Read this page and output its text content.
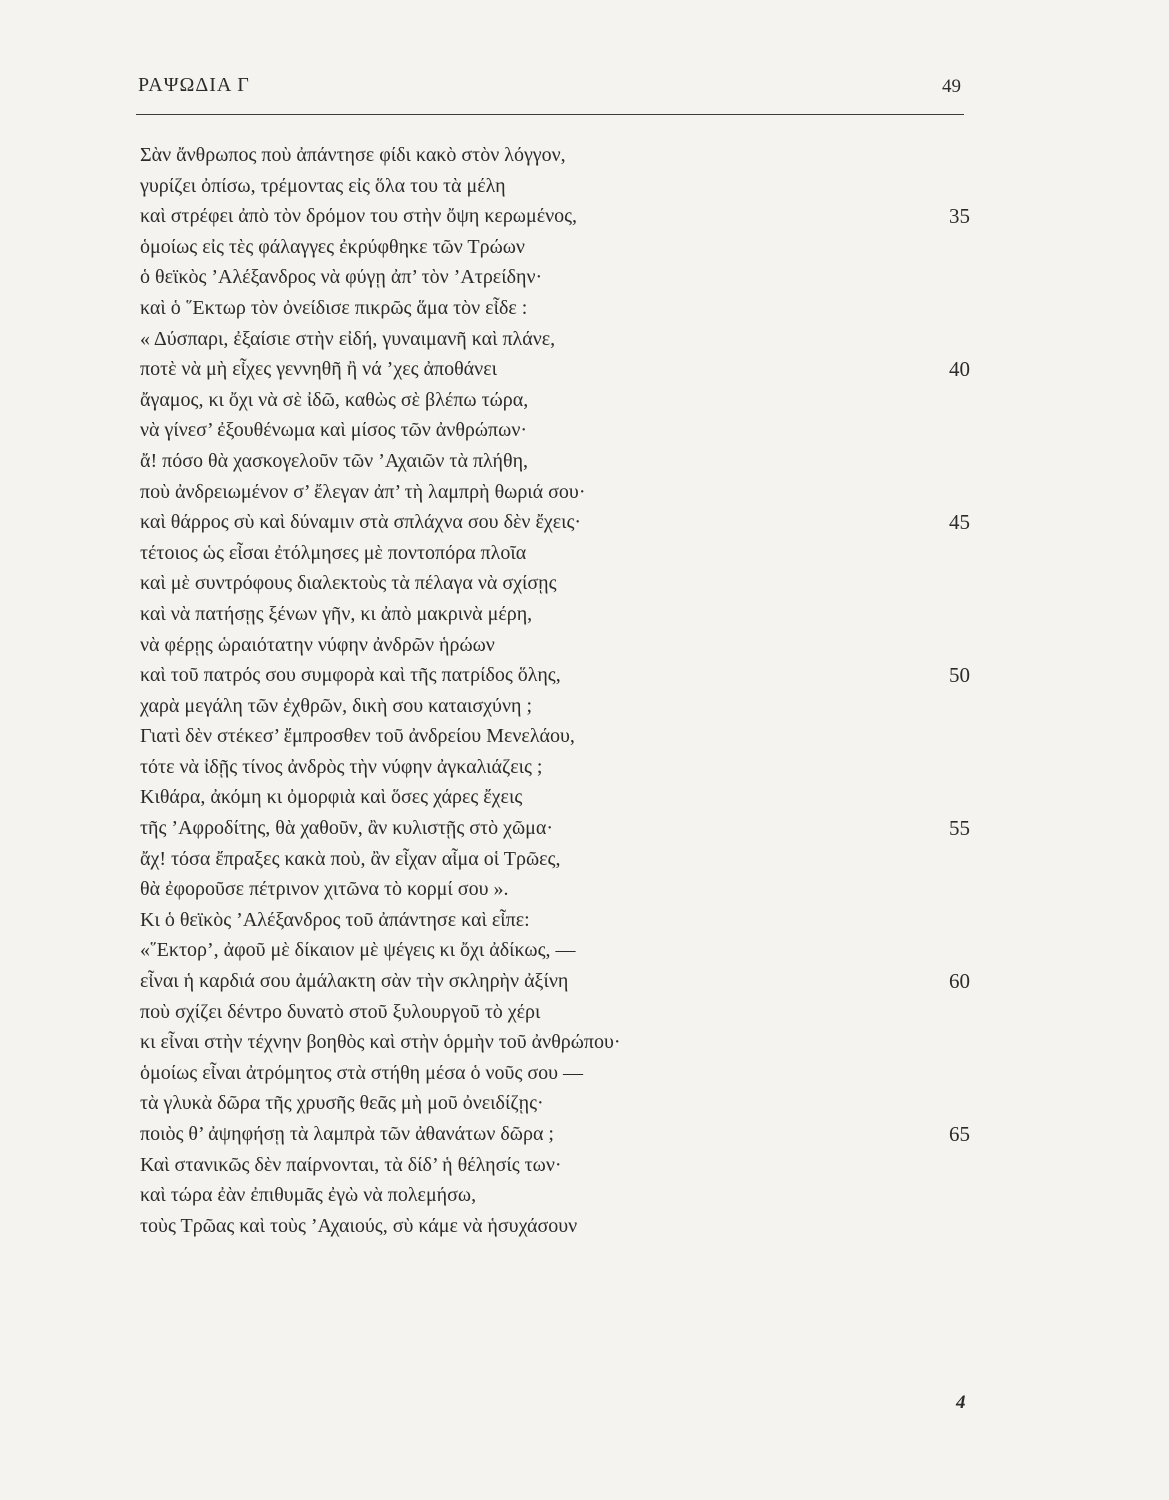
ΡΑΨΩΔΙΑ Γ	49
Σὰν ἄνθρωπος ποὺ ἀπάντησε φίδι κακὸ στὸν λόγγον,
γυρίζει ὀπίσω, τρέμοντας εἰς ὅλα του τὰ μέλη
καὶ στρέφει ἀπὸ τὸν δρόμον του στὴν ὄψη κερωμένος,	35
ὁμοίως εἰς τὲς φάλαγγες ἐκρύφθηκε τῶν Τρώων
ὁ θεϊκὸς ’Αλέξανδρος νὰ φύγῃ ἀπ’ τὸν ’Ατρείδην·
καὶ ὁ ῞Εκτωρ τὸν ὀνείδισε πικρῶς ἅμα τὸν εἶδε :
« Δύσπαρι, ἐξαίσιε στὴν εἰδή, γυναιμανῆ καὶ πλάνε,
ποτὲ νὰ μὴ εἶχες γεννηθῆ ἢ νά ’χες ἀποθάνει	40
ἄγαμος, κι ὄχι νὰ σὲ ἰδῶ, καθὼς σὲ βλέπω τώρα,
νὰ γίνεσ’ ἐξουθένωμα καὶ μίσος τῶν ἀνθρώπων·
ἄ! πόσο θὰ χασκογελοῦν τῶν ’Αχαιῶν τὰ πλήθη,
ποὺ ἀνδρειωμένον σ’ ἔλεγαν ἀπ’ τὴ λαμπρὴ θωριά σου·
καὶ θάρρος σὺ καὶ δύναμιν στὰ σπλάχνα σου δὲν ἔχεις·	45
τέτοιος ὡς εἶσαι ἐτόλμησες μὲ ποντοπόρα πλοῖα
καὶ μὲ συντρόφους διαλεκτοὺς τὰ πέλαγα νὰ σχίσῃς
καὶ νὰ πατήσῃς ξένων γῆν, κι ἀπὸ μακρινὰ μέρη,
νὰ φέρῃς ὡραιότατην νύφην ἀνδρῶν ἡρώων
καὶ τοῦ πατρός σου συμφορὰ καὶ τῆς πατρίδος ὅλης,	50
χαρὰ μεγάλη τῶν ἐχθρῶν, δικὴ σου καταισχύνη ;
Γιατὶ δὲν στέκεσ’ ἔμπροσθεν τοῦ ἀνδρείου Μενελάου,
τότε νὰ ἰδῇς τίνος ἀνδρὸς τὴν νύφην ἀγκαλιάζεις ;
Κιθάρα, ἀκόμη κι ὀμορφιὰ καὶ ὅσες χάρες ἔχεις
τῆς ’Αφροδίτης, θὰ χαθοῦν, ἂν κυλιστῇς στὸ χῶμα·	55
ἄχ! τόσα ἔπραξες κακὰ ποὺ, ἂν εἶχαν αἷμα οἱ Τρῶες,
θὰ ἐφοροῦσε πέτρινον χιτῶνα τὸ κορμί σου ».
Κι ὁ θεϊκὸς ’Αλέξανδρος τοῦ ἀπάντησε καὶ εἶπε:
«῞Εκτορ’, ἀφοῦ μὲ δίκαιον μὲ ψέγεις κι ὄχι ἀδίκως, —
εἶναι ἡ καρδιά σου ἀμάλακτη σὰν τὴν σκληρὴν ἀξίνη	60
ποὺ σχίζει δέντρο δυνατὸ στοῦ ξυλουργοῦ τὸ χέρι
κι εἶναι στὴν τέχνην βοηθὸς καὶ στὴν ὁρμὴν τοῦ ἀνθρώπου·
ὁμοίως εἶναι ἀτρόμητος στὰ στήθη μέσα ὁ νοῦς σου —
τὰ γλυκὰ δῶρα τῆς χρυσῆς θεᾶς μὴ μοῦ ὀνειδίζῃς·
ποιὸς θ’ ἀψηφήσῃ τὰ λαμπρὰ τῶν ἀθανάτων δῶρα ;	65
Καὶ στανικῶς δὲν παίρνονται, τὰ δίδ’ ἡ θέλησίς των·
καὶ τώρα ἐὰν ἐπιθυμᾶς ἐγὼ νὰ πολεμήσω,
τοὺς Τρῶας καὶ τοὺς ’Αχαιούς, σὺ κάμε νὰ ἡσυχάσουν
4
